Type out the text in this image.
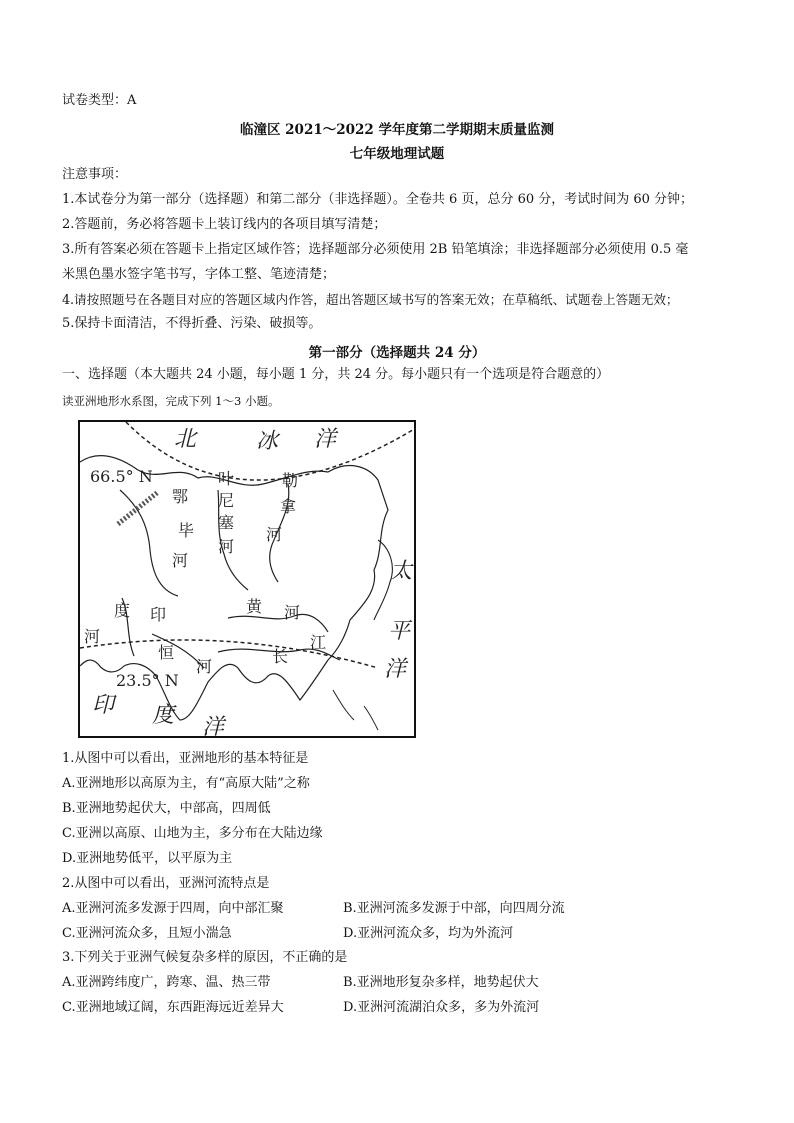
试卷类型：A
临潼区 2021～2022 学年度第二学期期末质量监测
七年级地理试题
注意事项：
1.本试卷分为第一部分（选择题）和第二部分（非选择题）。全卷共 6 页，总分 60 分，考试时间为 60 分钟；
2.答题前，务必将答题卡上装订线内的各项目填写清楚；
3.所有答案必须在答题卡上指定区域作答；选择题部分必须使用 2B 铅笔填涂；非选择题部分必须使用 0.5 毫
米黑色墨水签字笔书写，字体工整、笔迹清楚；
4.请按照题号在各题目对应的答题区域内作答，超出答题区域书写的答案无效；在草稿纸、试题卷上答题无效；
5.保持卡面清洁，不得折叠、污染、破损等。
第一部分（选择题共 24 分）
一、选择题（本大题共 24 小题，每小题 1 分，共 24 分。每小题只有一个选项是符合题意的）
读亚洲地形水系图，完成下列 1～3 小题。
北	冰 洋
太
平
洋
印 度 洋
66.5° N
23.5° N
鄂
毕
河
叶
尼
塞
河
勒
拿
河
黄 河
长
江
印
度
河
恒
河
1.从图中可以看出，亚洲地形的基本特征是
A.亚洲地形以高原为主，有“高原大陆”之称
B.亚洲地势起伏大，中部高，四周低
C.亚洲以高原、山地为主，多分布在大陆边缘
D.亚洲地势低平，以平原为主
2.从图中可以看出，亚洲河流特点是
A.亚洲河流多发源于四周，向中部汇聚	B.亚洲河流多发源于中部，向四周分流
C.亚洲河流众多，且短小湍急	D.亚洲河流众多，均为外流河
3.下列关于亚洲气候复杂多样的原因，不正确的是
A.亚洲跨纬度广，跨寒、温、热三带	B.亚洲地形复杂多样，地势起伏大
C.亚洲地域辽阔，东西距海远近差异大	D.亚洲河流湖泊众多，多为外流河
